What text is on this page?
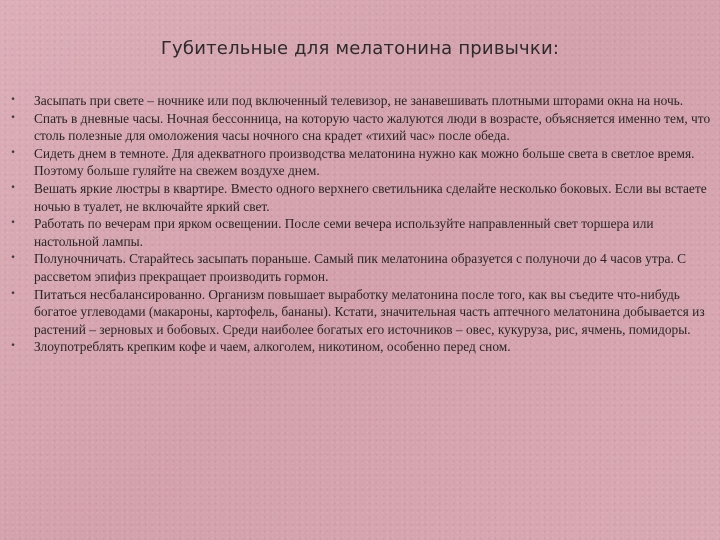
Губительные для мелатонина привычки:
• Засыпать при свете – ночнике или под включенный телевизор, не занавешивать плотными шторами окна на ночь.
• Спать в дневные часы. Ночная бессонница, на которую часто жалуются люди в возрасте, объясняется именно тем, что столь полезные для омоложения часы ночного сна крадет «тихий час» после обеда.
• Сидеть днем в темноте. Для адекватного производства мелатонина нужно как можно больше света в светлое время. Поэтому больше гуляйте на свежем воздухе днем.
• Вешать яркие люстры в квартире. Вместо одного верхнего светильника сделайте несколько боковых. Если вы встаете ночью в туалет, не включайте яркий свет.
• Работать по вечерам при ярком освещении. После семи вечера используйте направленный свет торшера или настольной лампы.
• Полуночничать. Старайтесь засыпать пораньше. Самый пик мелатонина образуется с полуночи до 4 часов утра. С рассветом эпифиз прекращает производить гормон.
• Питаться несбалансированно. Организм повышает выработку мелатонина после того, как вы съедите что-нибудь богатое углеводами (макароны, картофель, бананы). Кстати, значительная часть аптечного мелатонина добывается из растений – зерновых и бобовых. Среди наиболее богатых его источников – овес, кукуруза, рис, ячмень, помидоры.
• Злоупотреблять крепким кофе и чаем, алкоголем, никотином, особенно перед сном.
